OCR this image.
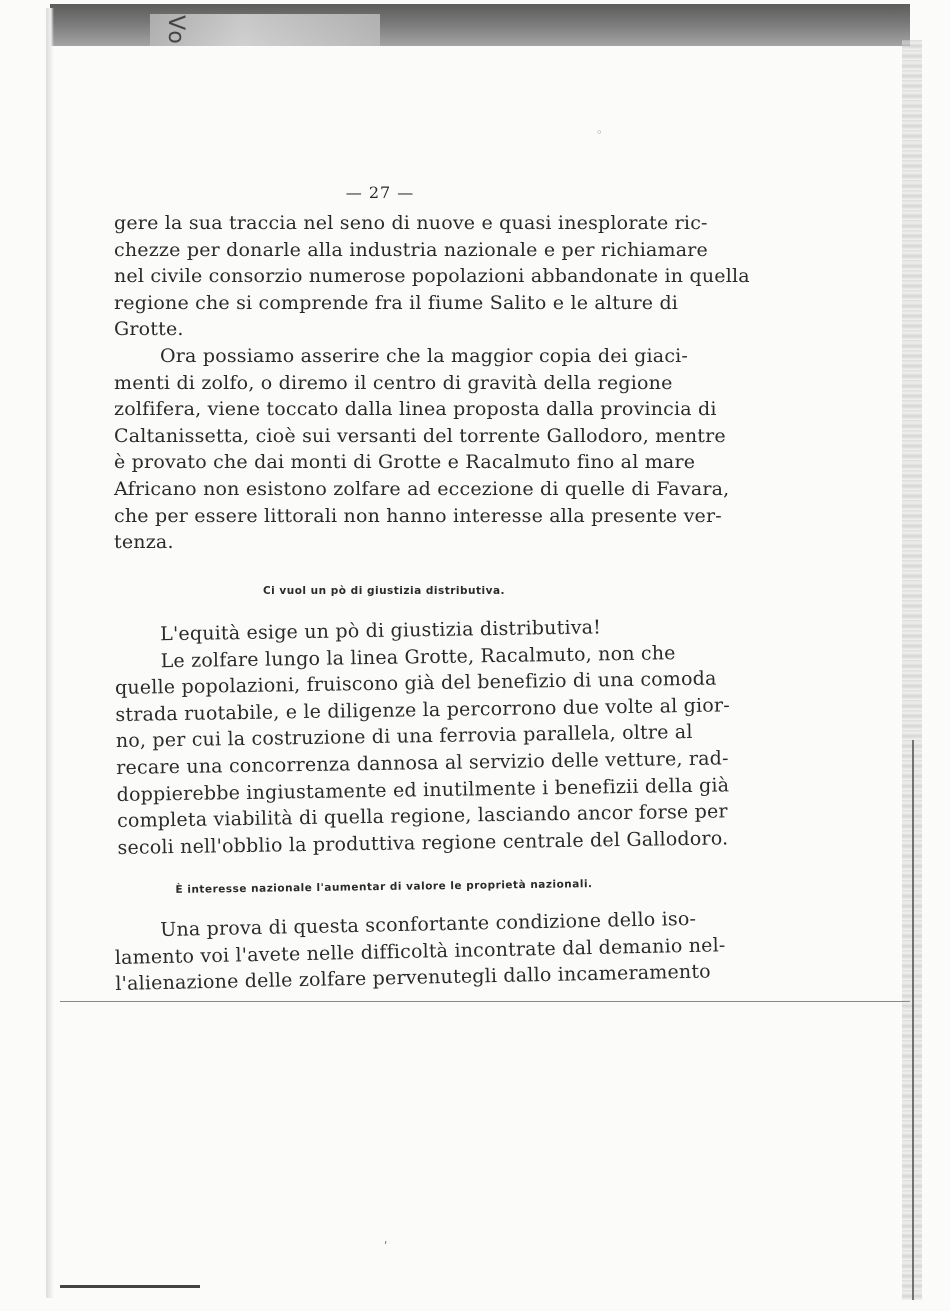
Vo
— 27 —
gere la sua traccia nel seno di nuove e quasi inesplorate ric-
chezze per donarle alla industria nazionale e per richiamare
nel civile consorzio numerose popolazioni abbandonate in quella
regione che si comprende fra il fiume Salito e le alture di
Grotte.
Ora possiamo asserire che la maggior copia dei giaci-
menti di zolfo, o diremo il centro di gravità della regione
zolfifera, viene toccato dalla linea proposta dalla provincia di
Caltanissetta, cioè sui versanti del torrente Gallodoro, mentre
è provato che dai monti di Grotte e Racalmuto fino al mare
Africano non esistono zolfare ad eccezione di quelle di Favara,
che per essere littorali non hanno interesse alla presente ver-
tenza.
Ci vuol un pò di giustizia distributiva.
L'equità esige un pò di giustizia distributiva!
Le zolfare lungo la linea Grotte, Racalmuto, non che
quelle popolazioni, fruiscono già del benefizio di una comoda
strada ruotabile, e le diligenze la percorrono due volte al gior-
no, per cui la costruzione di una ferrovia parallela, oltre al
recare una concorrenza dannosa al servizio delle vetture, rad-
doppierebbe ingiustamente ed inutilmente i benefizii della già
completa viabilità di quella regione, lasciando ancor forse per
secoli nell'obblio la produttiva regione centrale del Gallodoro.
È interesse nazionale l'aumentar di valore le proprietà nazionali.
Una prova di questa sconfortante condizione dello iso-
lamento voi l'avete nelle difficoltà incontrate dal demanio nel-
l'alienazione delle zolfare pervenutegli dallo incameramento
◦
ʹ
